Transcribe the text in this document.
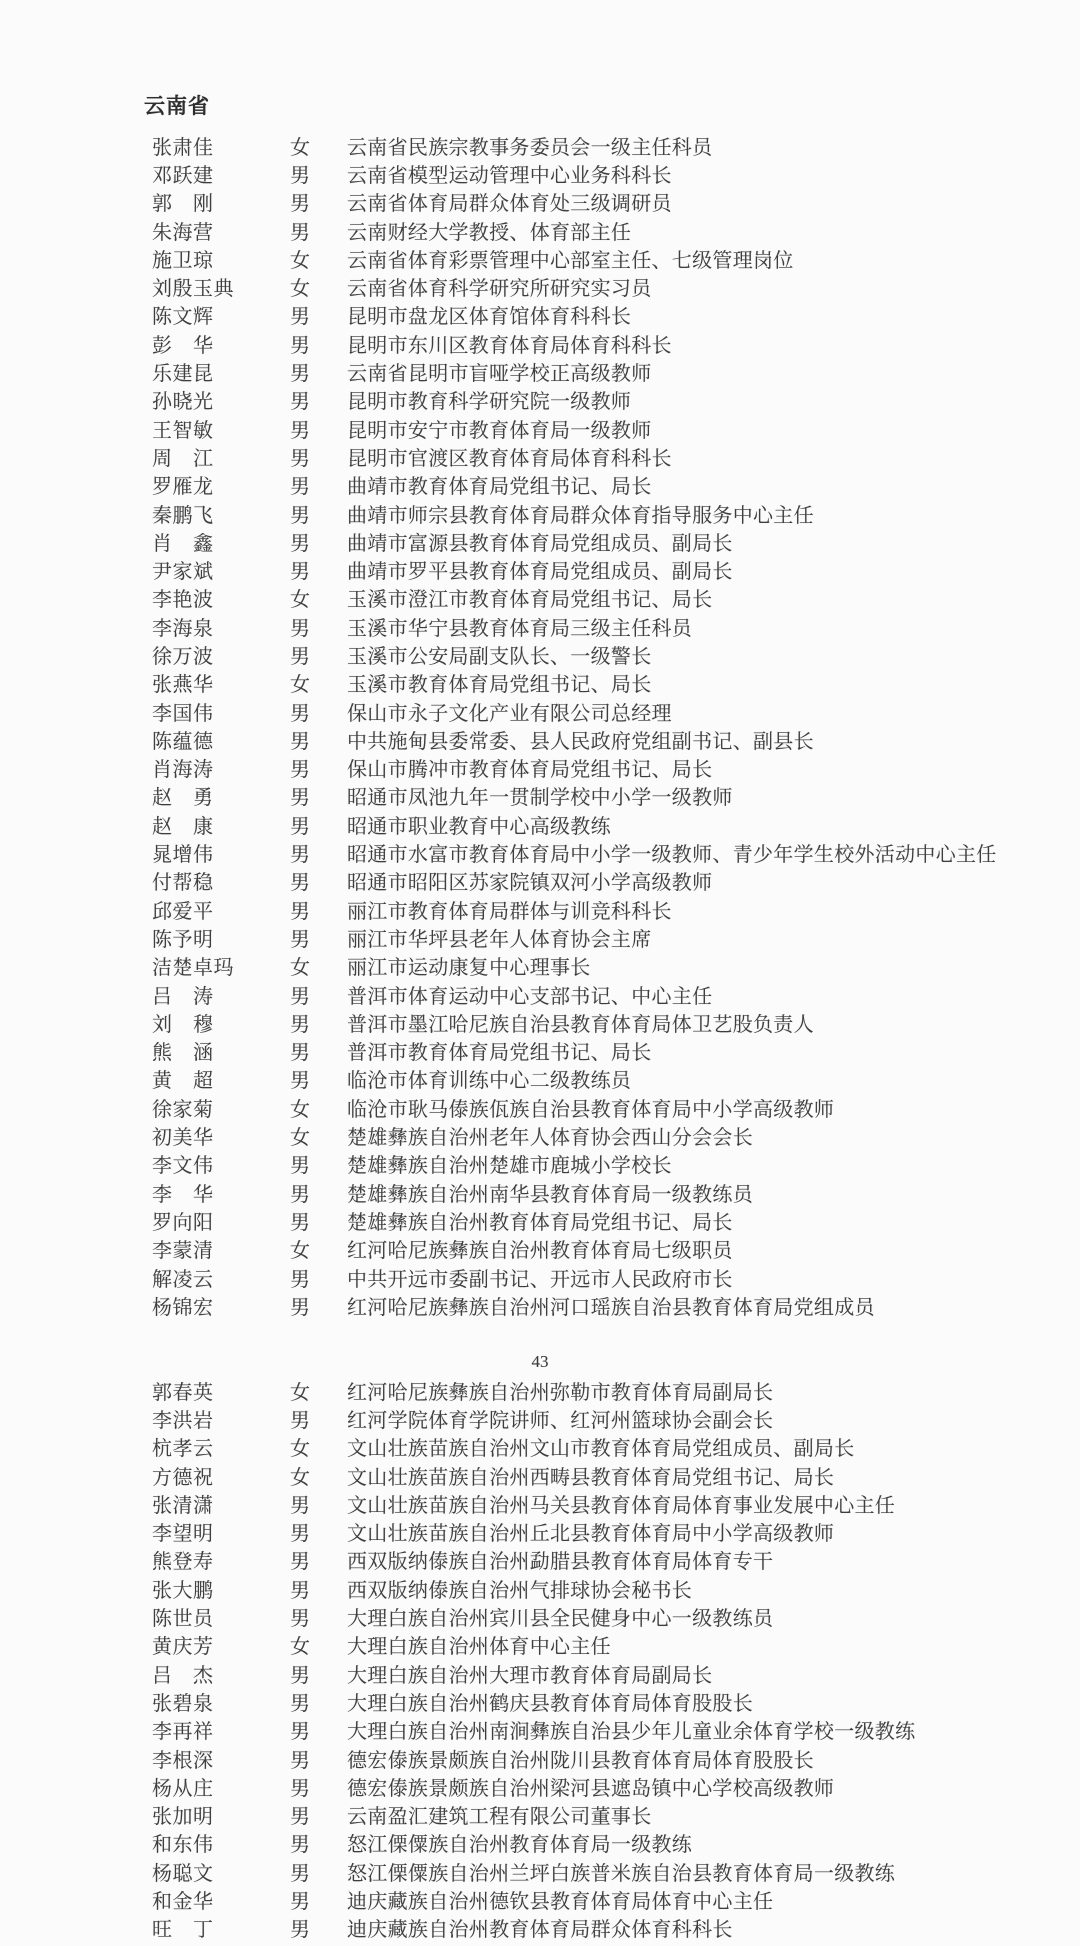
云南省
张肃佳	女	云南省民族宗教事务委员会一级主任科员
邓跃建	男	云南省模型运动管理中心业务科科长
郭　刚	男	云南省体育局群众体育处三级调研员
朱海营	男	云南财经大学教授、体育部主任
施卫琼	女	云南省体育彩票管理中心部室主任、七级管理岗位
刘殷玉典	女	云南省体育科学研究所研究实习员
陈文辉	男	昆明市盘龙区体育馆体育科科长
彭　华	男	昆明市东川区教育体育局体育科科长
乐建昆	男	云南省昆明市盲哑学校正高级教师
孙晓光	男	昆明市教育科学研究院一级教师
王智敏	男	昆明市安宁市教育体育局一级教师
周　江	男	昆明市官渡区教育体育局体育科科长
罗雁龙	男	曲靖市教育体育局党组书记、局长
秦鹏飞	男	曲靖市师宗县教育体育局群众体育指导服务中心主任
肖　鑫	男	曲靖市富源县教育体育局党组成员、副局长
尹家斌	男	曲靖市罗平县教育体育局党组成员、副局长
李艳波	女	玉溪市澄江市教育体育局党组书记、局长
李海泉	男	玉溪市华宁县教育体育局三级主任科员
徐万波	男	玉溪市公安局副支队长、一级警长
张燕华	女	玉溪市教育体育局党组书记、局长
李国伟	男	保山市永子文化产业有限公司总经理
陈蕴德	男	中共施甸县委常委、县人民政府党组副书记、副县长
肖海涛	男	保山市腾冲市教育体育局党组书记、局长
赵　勇	男	昭通市凤池九年一贯制学校中小学一级教师
赵　康	男	昭通市职业教育中心高级教练
晁增伟	男	昭通市水富市教育体育局中小学一级教师、青少年学生校外活动中心主任
付帮稳	男	昭通市昭阳区苏家院镇双河小学高级教师
邱爱平	男	丽江市教育体育局群体与训竞科科长
陈予明	男	丽江市华坪县老年人体育协会主席
洁楚卓玛	女	丽江市运动康复中心理事长
吕　涛	男	普洱市体育运动中心支部书记、中心主任
刘　穆	男	普洱市墨江哈尼族自治县教育体育局体卫艺股负责人
熊　涵	男	普洱市教育体育局党组书记、局长
黄　超	男	临沧市体育训练中心二级教练员
徐家菊	女	临沧市耿马傣族佤族自治县教育体育局中小学高级教师
初美华	女	楚雄彝族自治州老年人体育协会西山分会会长
李文伟	男	楚雄彝族自治州楚雄市鹿城小学校长
李　华	男	楚雄彝族自治州南华县教育体育局一级教练员
罗向阳	男	楚雄彝族自治州教育体育局党组书记、局长
李蒙清	女	红河哈尼族彝族自治州教育体育局七级职员
解凌云	男	中共开远市委副书记、开远市人民政府市长
杨锦宏	男	红河哈尼族彝族自治州河口瑶族自治县教育体育局党组成员
43
郭春英	女	红河哈尼族彝族自治州弥勒市教育体育局副局长
李洪岩	男	红河学院体育学院讲师、红河州篮球协会副会长
杭孝云	女	文山壮族苗族自治州文山市教育体育局党组成员、副局长
方德祝	女	文山壮族苗族自治州西畴县教育体育局党组书记、局长
张清潇	男	文山壮族苗族自治州马关县教育体育局体育事业发展中心主任
李望明	男	文山壮族苗族自治州丘北县教育体育局中小学高级教师
熊登寿	男	西双版纳傣族自治州勐腊县教育体育局体育专干
张大鹏	男	西双版纳傣族自治州气排球协会秘书长
陈世员	男	大理白族自治州宾川县全民健身中心一级教练员
黄庆芳	女	大理白族自治州体育中心主任
吕　杰	男	大理白族自治州大理市教育体育局副局长
张碧泉	男	大理白族自治州鹤庆县教育体育局体育股股长
李再祥	男	大理白族自治州南涧彝族自治县少年儿童业余体育学校一级教练
李根深	男	德宏傣族景颇族自治州陇川县教育体育局体育股股长
杨从庄	男	德宏傣族景颇族自治州梁河县遮岛镇中心学校高级教师
张加明	男	云南盈汇建筑工程有限公司董事长
和东伟	男	怒江傈僳族自治州教育体育局一级教练
杨聪文	男	怒江傈僳族自治州兰坪白族普米族自治县教育体育局一级教练
和金华	男	迪庆藏族自治州德钦县教育体育局体育中心主任
旺　丁	男	迪庆藏族自治州教育体育局群众体育科科长
